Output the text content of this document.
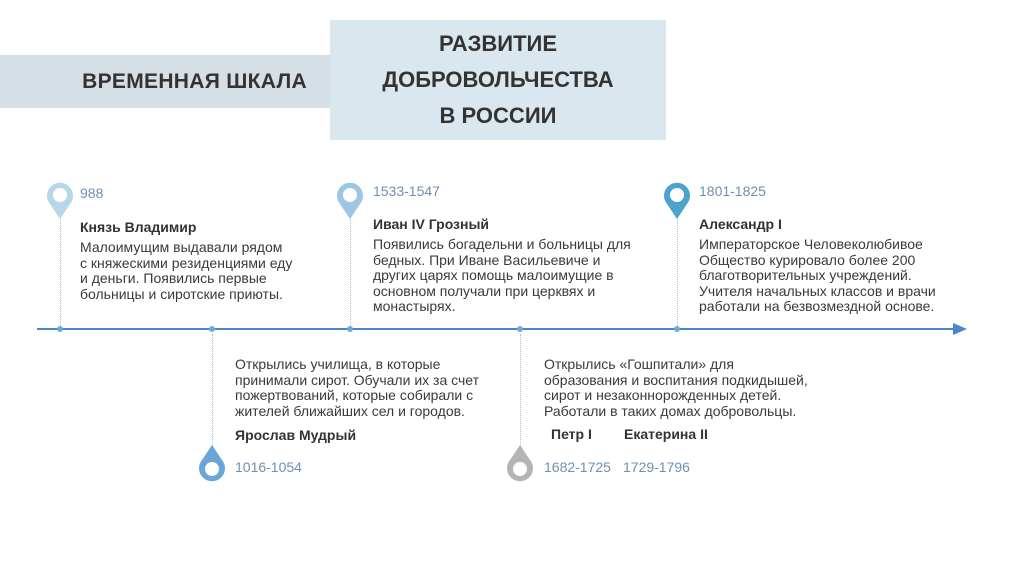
ВРЕМЕННАЯ ШКАЛА
РАЗВИТИЕ
ДОБРОВОЛЬЧЕСТВА
В РОССИИ
988
Князь Владимир
Малоимущим выдавали рядом
с княжескими резиденциями еду
и деньги. Появились первые
больницы и сиротские приюты.
Открылись училища, в которые
принимали сирот. Обучали их за счет
пожертвований, которые собирали с
жителей ближайших сел и городов.
Ярослав Мудрый
1016-1054
1533-1547
Иван IV Грозный
Появились богадельни и больницы для
бедных. При Иване Васильевиче и
других царях помощь малоимущие в
основном получали при церквях и
монастырях.
Открылись «Гошпитали» для
образования и воспитания подкидышей,
сирот и незаконнорожденных детей.
Работали в таких домах добровольцы.
Петр I Екатерина II
1682-1725 1729-1796
1801-1825
Александр I
Императорское Человеколюбивое
Общество курировало более 200
благотворительных учреждений.
Учителя начальных классов и врачи
работали на безвозмездной основе.
